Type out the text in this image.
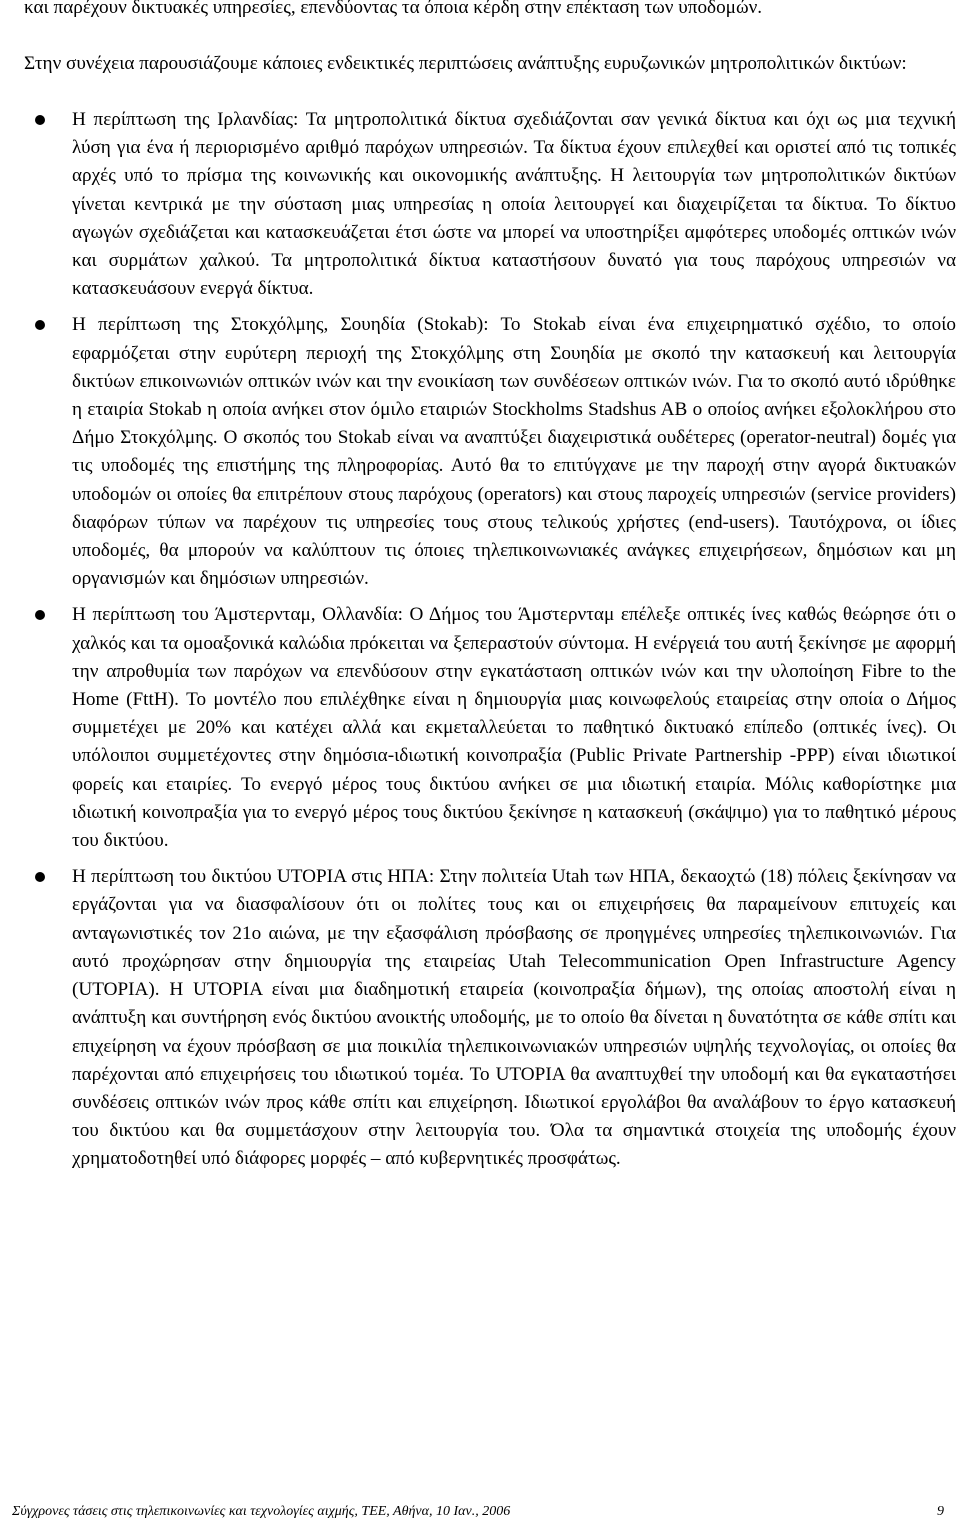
και παρέχουν δικτυακές υπηρεσίες, επενδύοντας τα όποια κέρδη στην επέκταση των υποδομών.

Στην συνέχεια παρουσιάζουμε κάποιες ενδεικτικές περιπτώσεις ανάπτυξης ευρυζωνικών μητροπολιτικών δικτύων:

Η περίπτωση της Ιρλανδίας: Τα μητροπολιτικά δίκτυα σχεδιάζονται σαν γενικά δίκτυα και όχι ως μια τεχνική λύση για ένα ή περιορισμένο αριθμό παρόχων υπηρεσιών. Τα δίκτυα έχουν επιλεχθεί και οριστεί από τις τοπικές αρχές υπό το πρίσμα της κοινωνικής και οικονομικής ανάπτυξης. Η λειτουργία των μητροπολιτικών δικτύων γίνεται κεντρικά με την σύσταση μιας υπηρεσίας η οποία λειτουργεί και διαχειρίζεται τα δίκτυα. Το δίκτυο αγωγών σχεδιάζεται και κατασκευάζεται έτσι ώστε να μπορεί να υποστηρίξει αμφότερες υποδομές οπτικών ινών και συρμάτων χαλκού. Τα μητροπολιτικά δίκτυα καταστήσουν δυνατό για τους παρόχους υπηρεσιών να κατασκευάσουν ενεργά δίκτυα.
Η περίπτωση της Στοκχόλμης, Σουηδία (Stokab): Το Stokab είναι ένα επιχειρηματικό σχέδιο, το οποίο εφαρμόζεται στην ευρύτερη περιοχή της Στοκχόλμης στη Σουηδία με σκοπό την κατασκευή και λειτουργία δικτύων επικοινωνιών οπτικών ινών και την ενοικίαση των συνδέσεων οπτικών ινών. Για το σκοπό αυτό ιδρύθηκε η εταιρία Stokab η οποία ανήκει στον όμιλο εταιριών Stockholms Stadshus AB ο οποίος ανήκει εξολοκλήρου στο Δήμο Στοκχόλμης. Ο σκοπός του Stokab είναι να αναπτύξει διαχειριστικά ουδέτερες (operator-neutral) δομές για τις υποδομές της επιστήμης της πληροφορίας. Αυτό θα το επιτύγχανε με την παροχή στην αγορά δικτυακών υποδομών οι οποίες θα επιτρέπουν στους παρόχους (operators) και στους παροχείς υπηρεσιών (service providers) διαφόρων τύπων να παρέχουν τις υπηρεσίες τους στους τελικούς χρήστες (end-users). Ταυτόχρονα, οι ίδιες υποδομές, θα μπορούν να καλύπτουν τις όποιες τηλεπικοινωνιακές ανάγκες επιχειρήσεων, δημόσιων και μη οργανισμών και δημόσιων υπηρεσιών.
Η περίπτωση του Άμστερνταμ, Ολλανδία: Ο Δήμος του Άμστερνταμ επέλεξε οπτικές ίνες καθώς θεώρησε ότι ο χαλκός και τα ομοαξονικά καλώδια πρόκειται να ξεπεραστούν σύντομα. Η ενέργειά του αυτή ξεκίνησε με αφορμή την απροθυμία των παρόχων να επενδύσουν στην εγκατάσταση οπτικών ινών και την υλοποίηση Fibre to the Home (FttH). Το μοντέλο που επιλέχθηκε είναι η δημιουργία μιας κοινωφελούς εταιρείας στην οποία ο Δήμος συμμετέχει με 20% και κατέχει αλλά και εκμεταλλεύεται το παθητικό δικτυακό επίπεδο (οπτικές ίνες). Οι υπόλοιποι συμμετέχοντες στην δημόσια-ιδιωτική κοινοπραξία (Public Private Partnership -PPP) είναι ιδιωτικοί φορείς και εταιρίες. Το ενεργό μέρος τους δικτύου ανήκει σε μια ιδιωτική εταιρία. Μόλις καθορίστηκε μια ιδιωτική κοινοπραξία για το ενεργό μέρος τους δικτύου ξεκίνησε η κατασκευή (σκάψιμο) για το παθητικό μέρους του δικτύου.
Η περίπτωση του δικτύου UTOPIA στις ΗΠΑ: Στην πολιτεία Utah των ΗΠΑ, δεκαοχτώ (18) πόλεις ξεκίνησαν να εργάζονται για να διασφαλίσουν ότι οι πολίτες τους και οι επιχειρήσεις θα παραμείνουν επιτυχείς και ανταγωνιστικές τον 21ο αιώνα, με την εξασφάλιση πρόσβασης σε προηγμένες υπηρεσίες τηλεπικοινωνιών. Για αυτό προχώρησαν στην δημιουργία της εταιρείας Utah Telecommunication Open Infrastructure Agency (UTOPIA). Η UTOPIA είναι μια διαδημοτική εταιρεία (κοινοπραξία δήμων), της οποίας αποστολή είναι η ανάπτυξη και συντήρηση ενός δικτύου ανοικτής υποδομής, με το οποίο θα δίνεται η δυνατότητα σε κάθε σπίτι και επιχείρηση να έχουν πρόσβαση σε μια ποικιλία τηλεπικοινωνιακών υπηρεσιών υψηλής τεχνολογίας, οι οποίες θα παρέχονται από επιχειρήσεις του ιδιωτικού τομέα. Το UTOPIA θα αναπτυχθεί την υποδομή και θα εγκαταστήσει συνδέσεις οπτικών ινών προς κάθε σπίτι και επιχείρηση. Ιδιωτικοί εργολάβοι θα αναλάβουν το έργο κατασκευή του δικτύου και θα συμμετάσχουν στην λειτουργία του. Όλα τα σημαντικά στοιχεία της υποδομής έχουν χρηματοδοτηθεί υπό διάφορες μορφές – από κυβερνητικές προσφάτως.
Σύγχρονες τάσεις στις τηλεπικοινωνίες και τεχνολογίες αιχμής, ΤΕΕ, Αθήνα, 10 Ιαν., 2006	9
